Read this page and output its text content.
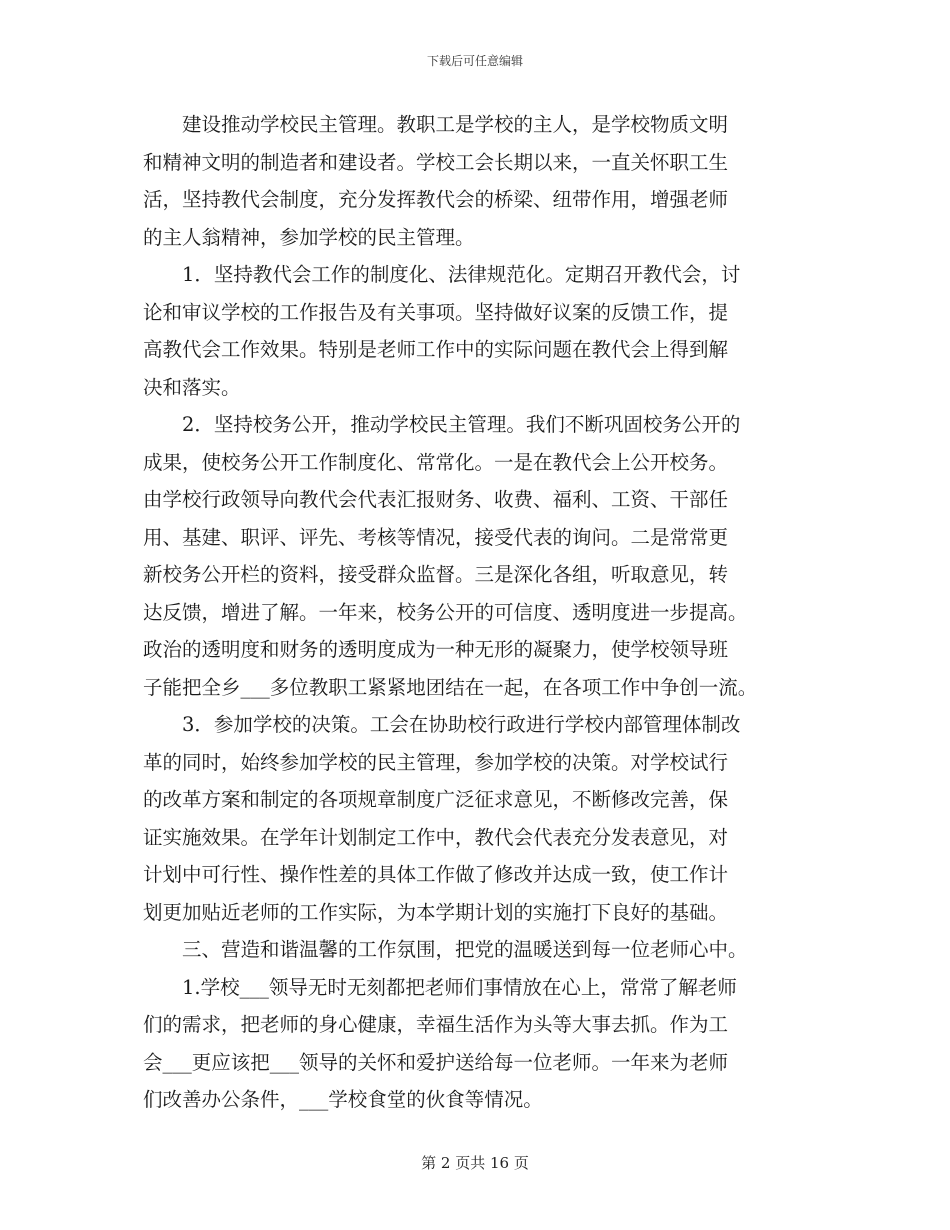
下载后可任意编辑
建设推动学校民主管理。教职工是学校的主人，是学校物质文明
和精神文明的制造者和建设者。学校工会长期以来，一直关怀职工生
活，坚持教代会制度，充分发挥教代会的桥梁、纽带作用，增强老师
的主人翁精神，参加学校的民主管理。
1．坚持教代会工作的制度化、法律规范化。定期召开教代会，讨
论和审议学校的工作报告及有关事项。坚持做好议案的反馈工作，提
高教代会工作效果。特别是老师工作中的实际问题在教代会上得到解
决和落实。
2．坚持校务公开，推动学校民主管理。我们不断巩固校务公开的
成果，使校务公开工作制度化、常常化。一是在教代会上公开校务。
由学校行政领导向教代会代表汇报财务、收费、福利、工资、干部任
用、基建、职评、评先、考核等情况，接受代表的询问。二是常常更
新校务公开栏的资料，接受群众监督。三是深化各组，听取意见，转
达反馈，增进了解。一年来，校务公开的可信度、透明度进一步提高。
政治的透明度和财务的透明度成为一种无形的凝聚力，使学校领导班
子能把全乡___多位教职工紧紧地团结在一起，在各项工作中争创一流。
3．参加学校的决策。工会在协助校行政进行学校内部管理体制改
革的同时，始终参加学校的民主管理，参加学校的决策。对学校试行
的改革方案和制定的各项规章制度广泛征求意见，不断修改完善，保
证实施效果。在学年计划制定工作中，教代会代表充分发表意见，对
计划中可行性、操作性差的具体工作做了修改并达成一致，使工作计
划更加贴近老师的工作实际，为本学期计划的实施打下良好的基础。
三、营造和谐温馨的工作氛围，把党的温暖送到每一位老师心中。
1.学校___领导无时无刻都把老师们事情放在心上，常常了解老师
们的需求，把老师的身心健康，幸福生活作为头等大事去抓。作为工
会___更应该把___领导的关怀和爱护送给每一位老师。一年来为老师
们改善办公条件，___学校食堂的伙食等情况。
第 2 页共 16 页
